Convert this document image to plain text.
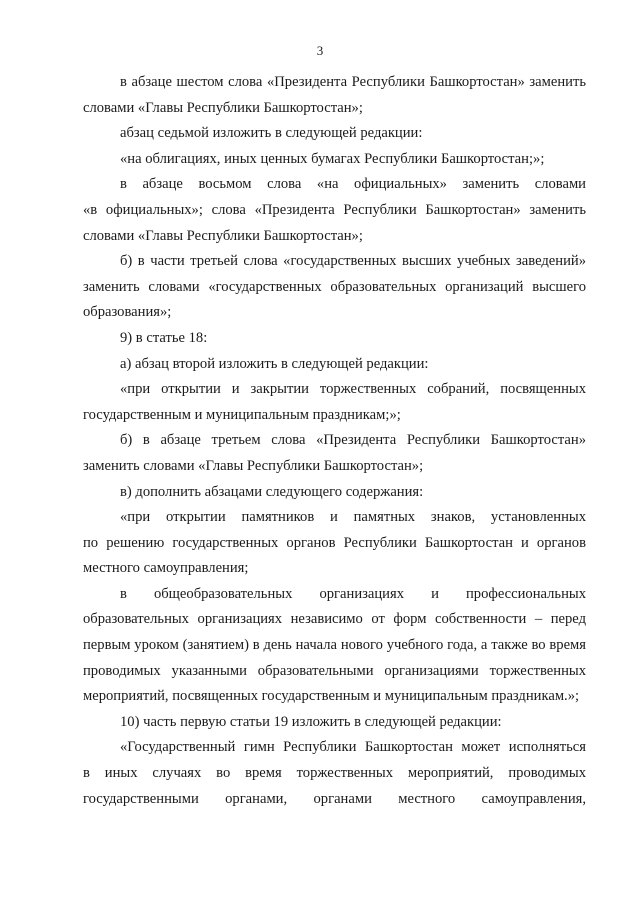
3
в абзаце шестом слова «Президента Республики Башкортостан» заменить
словами «Главы Республики Башкортостан»;
абзац седьмой изложить в следующей редакции:
«на облигациях, иных ценных бумагах Республики Башкортостан;»;
в абзаце восьмом слова «на официальных» заменить словами
«в официальных»; слова «Президента Республики Башкортостан» заменить
словами «Главы Республики Башкортостан»;
б) в части третьей слова «государственных высших учебных заведений»
заменить словами «государственных образовательных организаций высшего
образования»;
9) в статье 18:
а) абзац второй изложить в следующей редакции:
«при открытии и закрытии торжественных собраний, посвященных
государственным и муниципальным праздникам;»;
б) в абзаце третьем слова «Президента Республики Башкортостан»
заменить словами «Главы Республики Башкортостан»;
в) дополнить абзацами следующего содержания:
«при открытии памятников и памятных знаков, установленных
по решению государственных органов Республики Башкортостан и органов
местного самоуправления;
в общеобразовательных организациях и профессиональных
образовательных организациях независимо от форм собственности – перед
первым уроком (занятием) в день начала нового учебного года, а также во время
проводимых указанными образовательными организациями торжественных
мероприятий, посвященных государственным и муниципальным праздникам.»;
10) часть первую статьи 19 изложить в следующей редакции:
«Государственный гимн Республики Башкортостан может исполняться
в иных случаях во время торжественных мероприятий, проводимых
государственными органами, органами местного самоуправления,
